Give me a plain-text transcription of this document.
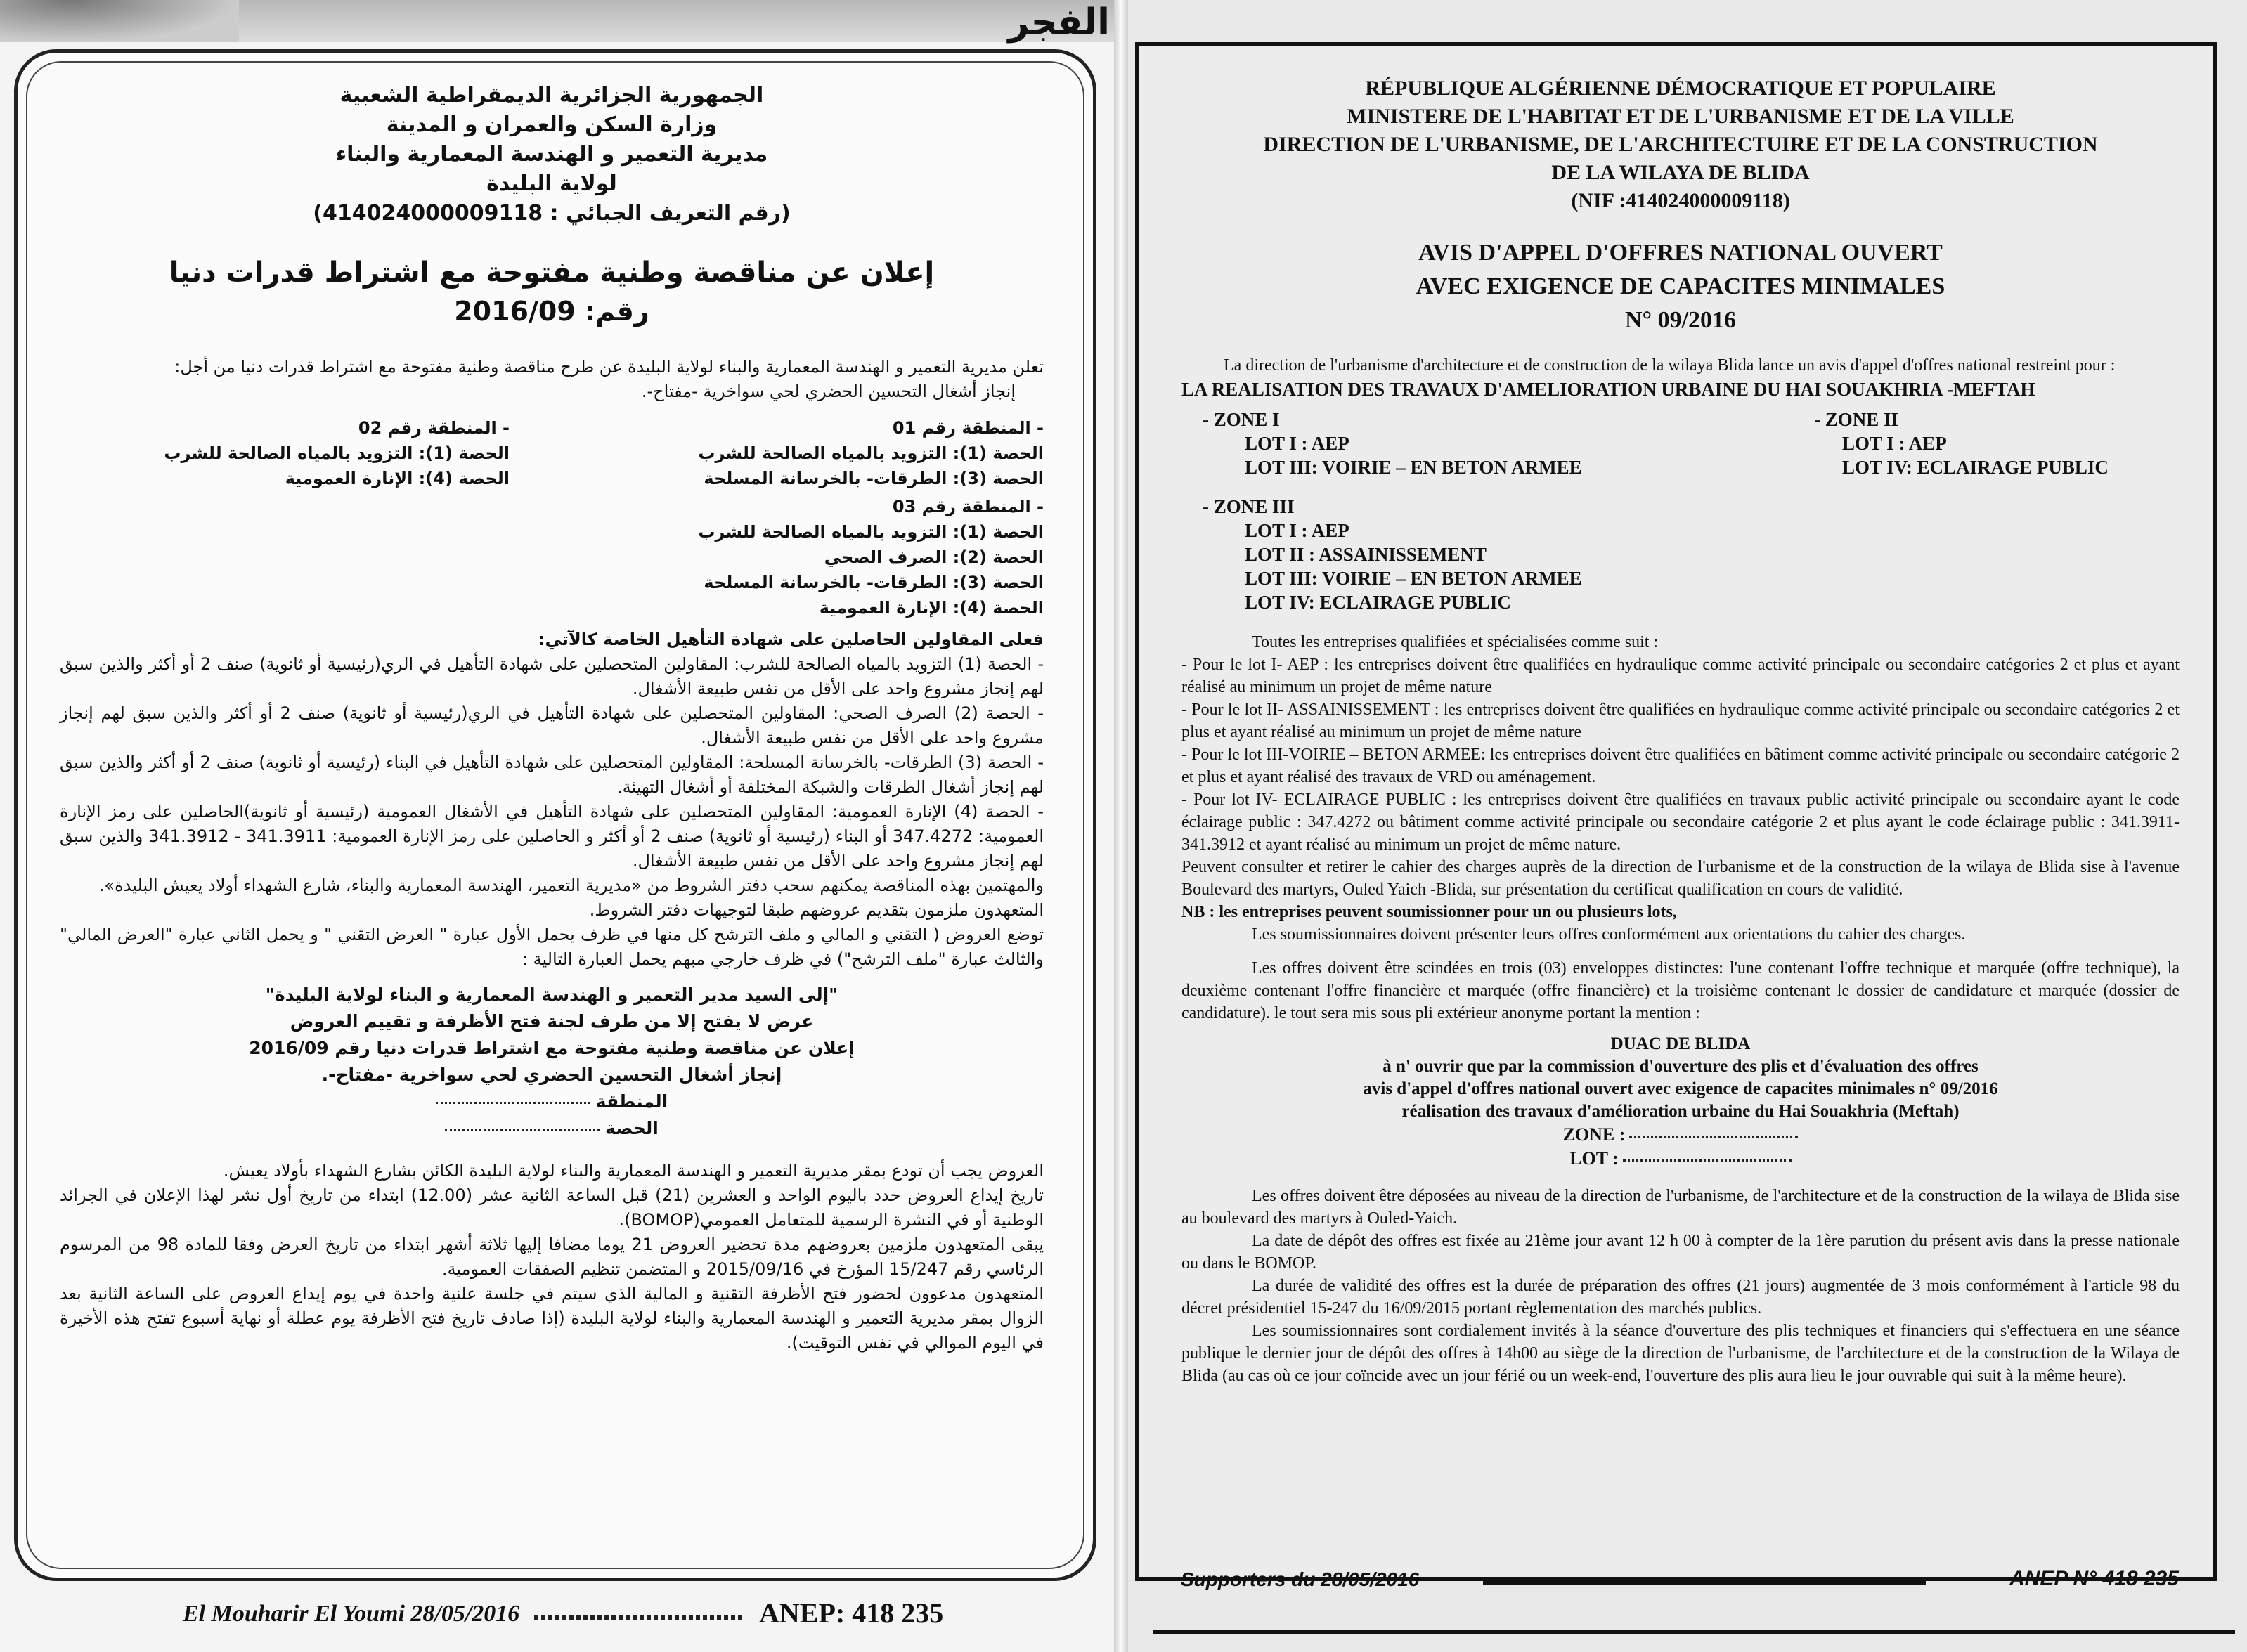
الفجر
الجمهورية الجزائرية الديمقراطية الشعبية
وزارة السكن والعمران و المدينة
مديرية التعمير و الهندسة المعمارية والبناء
لولاية البليدة
(رقم التعريف الجبائي : 414024000009118)
إعلان عن مناقصة وطنية مفتوحة مع اشتراط قدرات دنيا
رقم: 2016/09

تعلن مديرية التعمير و الهندسة المعمارية والبناء لولاية البليدة عن طرح مناقصة وطنية مفتوحة مع اشتراط قدرات دنيا من أجل:

إنجاز أشغال التحسين الحضري لحي سواخرية -مفتاح-.

- المنطقة رقم 01
الحصة (1): التزويد بالمياه الصالحة للشرب
الحصة (3): الطرقات- بالخرسانة المسلحة
- المنطقة رقم 02
الحصة (1): التزويد بالمياه الصالحة للشرب
الحصة (4): الإنارة العمومية
- المنطقة رقم 03
الحصة (1): التزويد بالمياه الصالحة للشرب
الحصة (2): الصرف الصحي
الحصة (3): الطرقات- بالخرسانة المسلحة
الحصة (4): الإنارة العمومية

فعلى المقاولين الحاصلين على شهادة التأهيل الخاصة كالآتي:

- الحصة (1) التزويد بالمياه الصالحة للشرب: المقاولين المتحصلين على شهادة التأهيل في الري(رئيسية أو ثانوية) صنف 2 أو أكثر والذين سبق لهم إنجاز مشروع واحد على الأقل من نفس طبيعة الأشغال.

- الحصة (2) الصرف الصحي: المقاولين المتحصلين على شهادة التأهيل في الري(رئيسية أو ثانوية) صنف 2 أو أكثر والذين سبق لهم إنجاز مشروع واحد على الأقل من نفس طبيعة الأشغال.

- الحصة (3) الطرقات- بالخرسانة المسلحة: المقاولين المتحصلين على شهادة التأهيل في البناء (رئيسية أو ثانوية) صنف 2 أو أكثر والذين سبق لهم إنجاز أشغال الطرقات والشبكة المختلفة أو أشغال التهيئة.

- الحصة (4) الإنارة العمومية: المقاولين المتحصلين على شهادة التأهيل في الأشغال العمومية (رئيسية أو ثانوية)الحاصلين على رمز الإنارة العمومية: 347.4272 أو البناء (رئيسية أو ثانوية) صنف 2 أو أكثر و الحاصلين على رمز الإنارة العمومية: 341.3911 - 341.3912 والذين سبق لهم إنجاز مشروع واحد على الأقل من نفس طبيعة الأشغال.

والمهتمين بهذه المناقصة يمكنهم سحب دفتر الشروط من «مديرية التعمير، الهندسة المعمارية والبناء، شارع الشهداء أولاد يعيش البليدة».

المتعهدون ملزمون بتقديم عروضهم طبقا لتوجيهات دفتر الشروط.

توضع العروض ( التقني و المالي و ملف الترشح كل منها في ظرف يحمل الأول عبارة " العرض التقني " و يحمل الثاني عبارة "العرض المالي" والثالث عبارة "ملف الترشح") في ظرف خارجي مبهم يحمل العبارة التالية :

"إلى السيد مدير التعمير و الهندسة المعمارية و البناء لولاية البليدة"
عرض لا يفتح إلا من طرف لجنة فتح الأظرفة و تقييم العروض
إعلان عن مناقصة وطنية مفتوحة مع اشتراط قدرات دنيا رقم 2016/09
إنجاز أشغال التحسين الحضري لحي سواخرية -مفتاح-.
المنطقة
الحصة

العروض يجب أن تودع بمقر مديرية التعمير و الهندسة المعمارية والبناء لولاية البليدة الكائن بشارع الشهداء بأولاد يعيش.

تاريخ إيداع العروض حدد باليوم الواحد و العشرين (21) قبل الساعة الثانية عشر (12.00) ابتداء من تاريخ أول نشر لهذا الإعلان في الجرائد الوطنية أو في النشرة الرسمية للمتعامل العمومي(BOMOP).

يبقى المتعهدون ملزمين بعروضهم مدة تحضير العروض 21 يوما مضافا إليها ثلاثة أشهر ابتداء من تاريخ العرض وفقا للمادة 98 من المرسوم الرئاسي رقم 15/247 المؤرخ في 2015/09/16 و المتضمن تنظيم الصفقات العمومية.

المتعهدون مدعوون لحضور فتح الأظرفة التقنية و المالية الذي سيتم في جلسة علنية واحدة في يوم إيداع العروض على الساعة الثانية بعد الزوال بمقر مديرية التعمير و الهندسة المعمارية والبناء لولاية البليدة (إذا صادف تاريخ فتح الأظرفة يوم عطلة أو نهاية أسبوع تفتح هذه الأخيرة في اليوم الموالي في نفس التوقيت).

El Mouharir El Youmi 28/05/2016	ANEP: 418 235
RÉPUBLIQUE ALGÉRIENNE DÉMOCRATIQUE ET POPULAIRE
MINISTERE DE L'HABITAT ET DE L'URBANISME ET DE LA VILLE
DIRECTION DE L'URBANISME, DE L'ARCHITECTUIRE ET DE LA CONSTRUCTION
DE LA WILAYA DE BLIDA
(NIF :414024000009118)
AVIS D'APPEL D'OFFRES NATIONAL OUVERT
AVEC EXIGENCE DE CAPACITES MINIMALES
N° 09/2016

La direction de l'urbanisme d'architecture et de construction de la wilaya Blida lance un avis d'appel d'offres national restreint pour :

LA REALISATION DES TRAVAUX D'AMELIORATION URBAINE DU HAI SOUAKHRIA -MEFTAH
- ZONE I
LOT I : AEP
LOT III: VOIRIE – EN BETON ARMEE
- ZONE II
LOT I : AEP
LOT IV: ECLAIRAGE PUBLIC
- ZONE III
LOT I : AEP
LOT II : ASSAINISSEMENT
LOT III: VOIRIE – EN BETON ARMEE
LOT IV: ECLAIRAGE PUBLIC

Toutes les entreprises qualifiées et spécialisées comme suit :

- Pour le lot I- AEP : les entreprises doivent être qualifiées en hydraulique comme activité principale ou secondaire catégories 2 et plus et ayant réalisé au minimum un projet de même nature

- Pour le lot II- ASSAINISSEMENT : les entreprises doivent être qualifiées en hydraulique comme activité principale ou secondaire catégories 2 et plus et ayant réalisé au minimum un projet de même nature

- Pour le lot III-VOIRIE – BETON ARMEE: les entreprises doivent être qualifiées en bâtiment comme activité principale ou secondaire catégorie 2 et plus et ayant réalisé des travaux de VRD ou aménagement.

- Pour lot IV- ECLAIRAGE PUBLIC : les entreprises doivent être qualifiées en travaux public activité principale ou secondaire ayant le code éclairage public : 347.4272 ou bâtiment comme activité principale ou secondaire catégorie 2 et plus ayant le code éclairage public : 341.3911- 341.3912 et ayant réalisé au minimum un projet de même nature.

Peuvent consulter et retirer le cahier des charges auprès de la direction de l'urbanisme et de la construction de la wilaya de Blida sise à l'avenue Boulevard des martyrs, Ouled Yaich -Blida, sur présentation du certificat qualification en cours de validité.

NB : les entreprises peuvent soumissionner pour un ou plusieurs lots,

Les soumissionnaires doivent présenter leurs offres conformément aux orientations du cahier des charges.

Les offres doivent être scindées en trois (03) enveloppes distinctes: l'une contenant l'offre technique et marquée (offre technique), la deuxième contenant l'offre financière et marquée (offre financière) et la troisième contenant le dossier de candidature et marquée (dossier de candidature). le tout sera mis sous pli extérieur anonyme portant la mention :

DUAC DE BLIDA
à n' ouvrir que par la commission d'ouverture des plis et d'évaluation des offres
avis d'appel d'offres national ouvert avec exigence de capacites minimales n° 09/2016
réalisation des travaux d'amélioration urbaine du Hai Souakhria (Meftah)
ZONE :
LOT :

Les offres doivent être déposées au niveau de la direction de l'urbanisme, de l'architecture et de la construction de la wilaya de Blida sise au boulevard des martyrs à Ouled-Yaich.

La date de dépôt des offres est fixée au 21ème jour avant 12 h 00 à compter de la 1ère parution du présent avis dans la presse nationale ou dans le BOMOP.

La durée de validité des offres est la durée de préparation des offres (21 jours) augmentée de 3 mois conformément à l'article 98 du décret présidentiel 15-247 du 16/09/2015 portant règlementation des marchés publics.

Les soumissionnaires sont cordialement invités à la séance d'ouverture des plis techniques et financiers qui s'effectuera en une séance publique le dernier jour de dépôt des offres à 14h00 au siège de la direction de l'urbanisme, de l'architecture et de la construction de la Wilaya de Blida (au cas où ce jour coïncide avec un jour férié ou un week-end, l'ouverture des plis aura lieu le jour ouvrable qui suit à la même heure).

Supporters du 28/05/2016	ANEP N° 418 235
